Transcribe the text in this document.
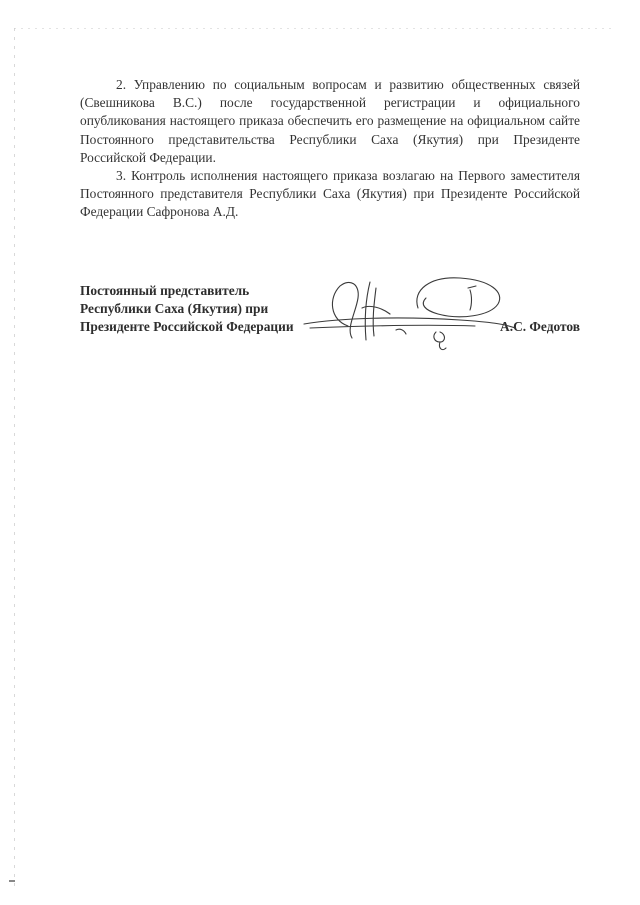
2. Управлению по социальным вопросам и развитию общественных связей (Свешникова В.С.) после государственной регистрации и официального опубликования настоящего приказа обеспечить его размещение на официальном сайте Постоянного представительства Республики Саха (Якутия) при Президенте Российской Федерации.

3. Контроль исполнения настоящего приказа возлагаю на Первого заместителя Постоянного представителя Республики Саха (Якутия) при Президенте Российской Федерации Сафронова А.Д.

Постоянный представитель
Республики Саха (Якутия) при
Президенте Российской Федерации	А.С. Федотов
